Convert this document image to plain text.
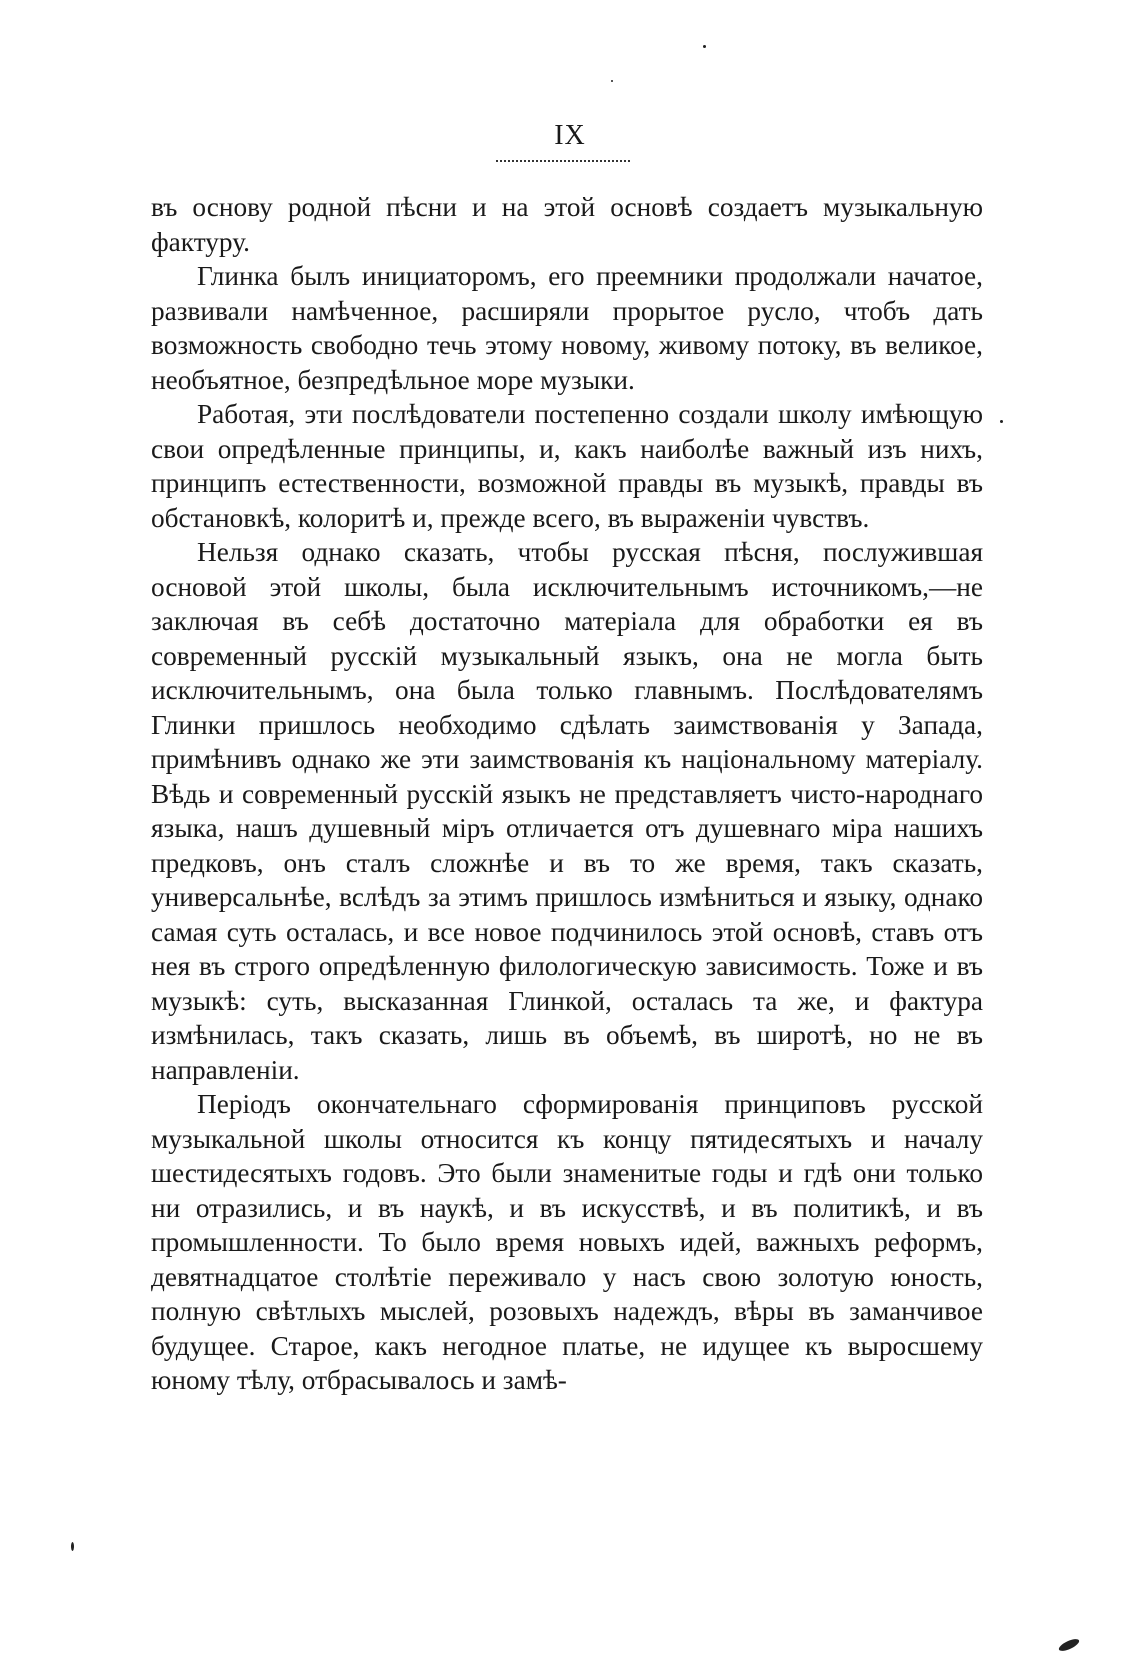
IX

въ основу родной пѣсни и на этой основѣ создаетъ музыкальную фактуру.

Глинка былъ инициаторомъ, его преемники продолжали начатое, развивали намѣченное, расширяли прорытое русло, чтобъ дать возможность свободно течь этому новому, живому потоку, въ великое, необъятное, безпредѣльное море музыки.

Работая, эти послѣдователи постепенно создали школу имѣющую свои опредѣленные принципы, и, какъ наиболѣе важный изъ нихъ, принципъ естественности, возможной правды въ музыкѣ, правды въ обстановкѣ, колоритѣ и, прежде всего, въ выраженіи чувствъ.

Нельзя однако сказать, чтобы русская пѣсня, послужившая основой этой школы, была исключительнымъ источникомъ,—не заключая въ себѣ достаточно матеріала для обработки ея въ современный русскій музыкальный языкъ, она не могла быть исключительнымъ, она была только главнымъ. Послѣдователямъ Глинки пришлось необходимо сдѣлать заимствованія у Запада, примѣнивъ однако же эти заимствованія къ національному матеріалу. Вѣдь и современный русскій языкъ не представляетъ чисто-народнаго языка, нашъ душевный міръ отличается отъ душевнаго міра нашихъ предковъ, онъ сталъ сложнѣе и въ то же время, такъ сказать, универсальнѣе, вслѣдъ за этимъ пришлось измѣниться и языку, однако самая суть осталась, и все новое подчинилось этой основѣ, ставъ отъ нея въ строго опредѣленную филологическую зависимость. Тоже и въ музыкѣ: суть, высказанная Глинкой, осталась та же, и фактура измѣнилась, такъ сказать, лишь въ объемѣ, въ широтѣ, но не въ направленіи.

Періодъ окончательнаго сформированія принциповъ русской музыкальной школы относится къ концу пятидесятыхъ и началу шестидесятыхъ годовъ. Это были знаменитые годы и гдѣ они только ни отразились, и въ наукѣ, и въ искусствѣ, и въ политикѣ, и въ промышленности. То было время новыхъ идей, важныхъ реформъ, девятнадцатое столѣтіе переживало у насъ свою золотую юность, полную свѣтлыхъ мыслей, розовыхъ надеждъ, вѣры въ заманчивое будущее. Старое, какъ негодное платье, не идущее къ выросшему юному тѣлу, отбрасывалось и замѣ-
